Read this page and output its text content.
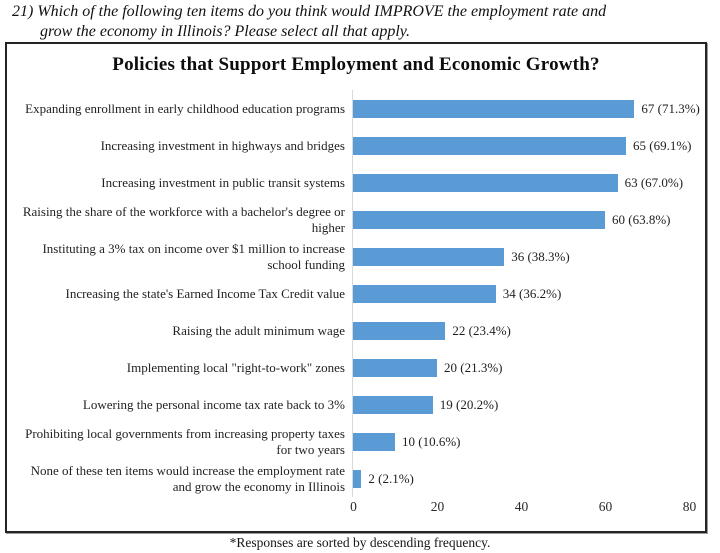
21) Which of the following ten items do you think would IMPROVE the employment rate and
grow the economy in Illinois? Please select all that apply.
Policies that Support Employment and Economic Growth?
Expanding enrollment in early childhood education programs	67 (71.3%)
Increasing investment in highways and bridges	65 (69.1%)
Increasing investment in public transit systems	63 (67.0%)
Raising the share of the workforce with a bachelor's degree or higher
60 (63.8%)
Instituting a 3% tax on income over $1 million to increase school funding
36 (38.3%)
Increasing the state's Earned Income Tax Credit value	34 (36.2%)
Raising the adult minimum wage	22 (23.4%)
Implementing local "right-to-work" zones	20 (21.3%)
Lowering the personal income tax rate back to 3%	19 (20.2%)
Prohibiting local governments from increasing property taxes for two years
10 (10.6%)
None of these ten items would increase the employment rate and grow the economy in Illinois
2 (2.1%)
0	20	40	60	80
*Responses are sorted by descending frequency.
